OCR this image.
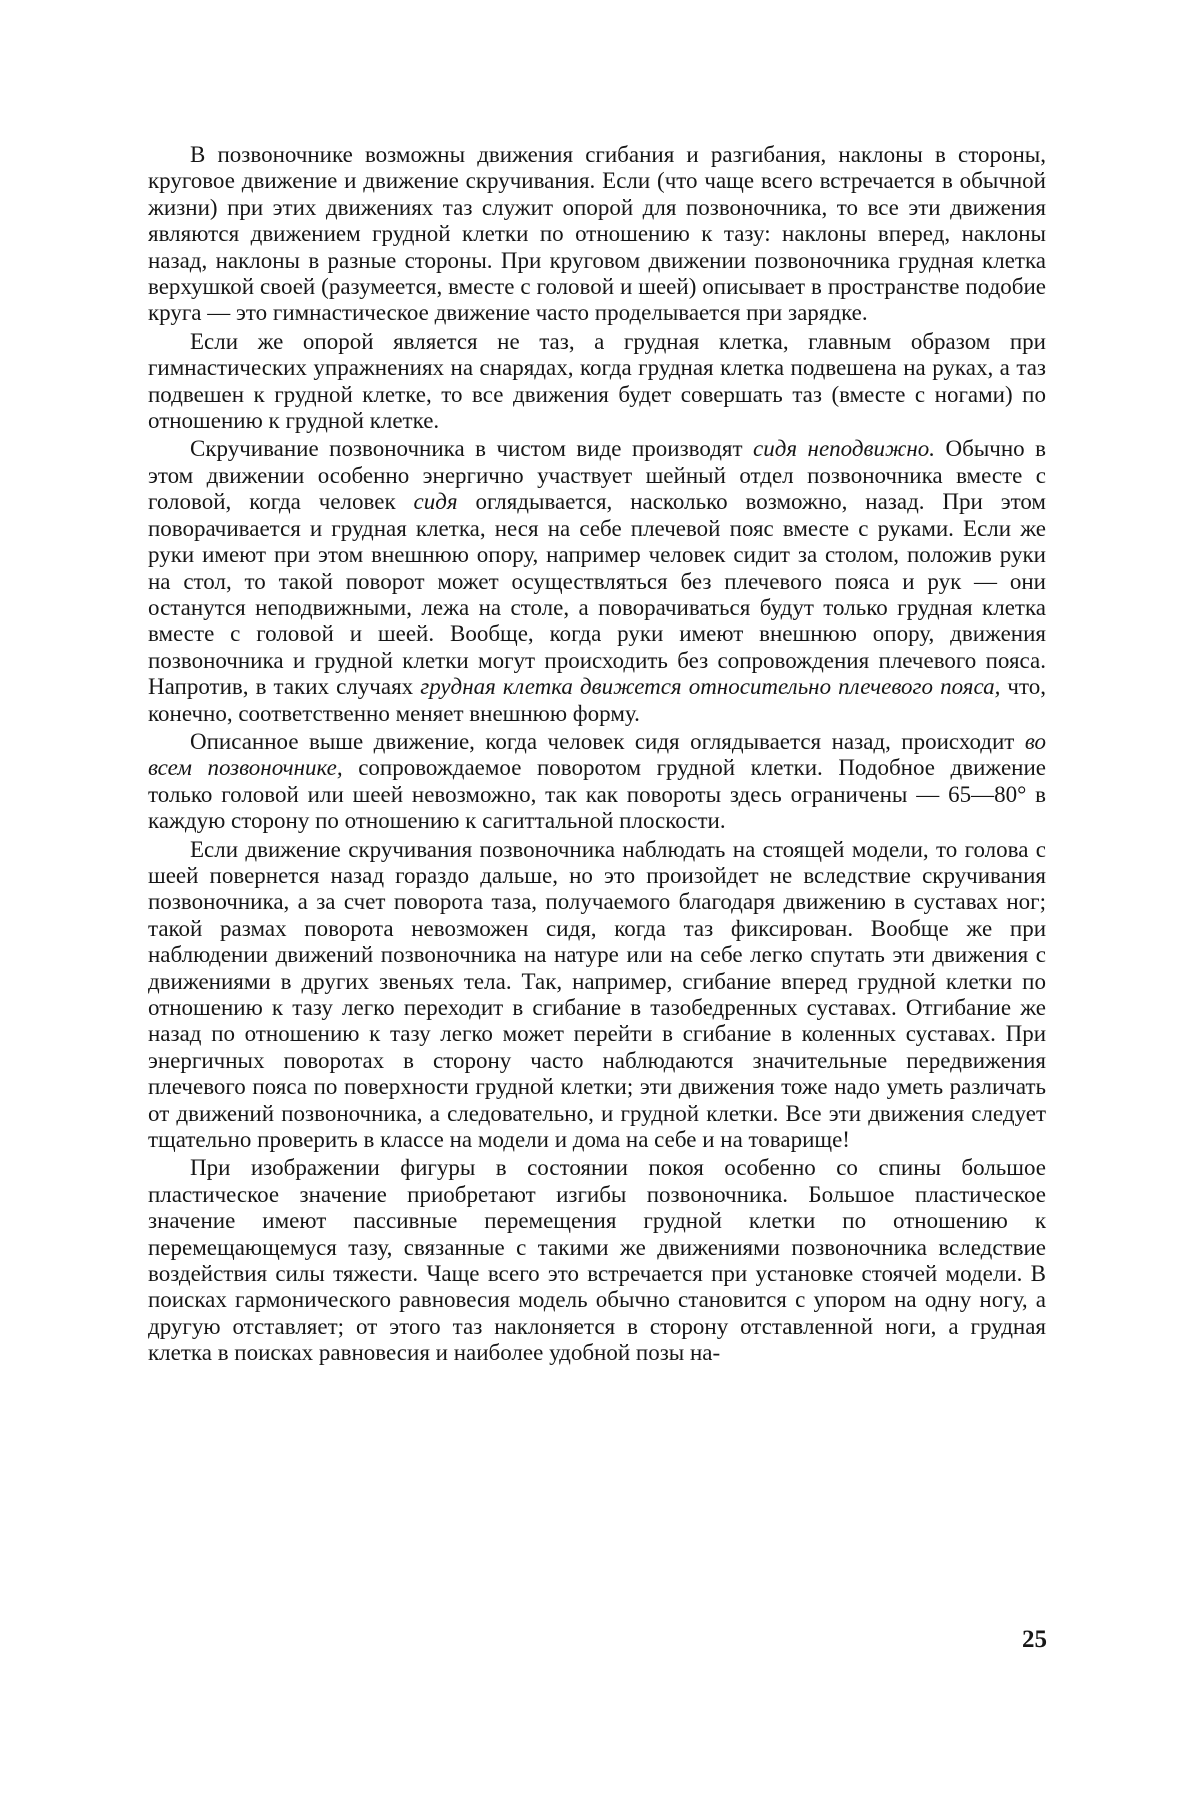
В позвоночнике возможны движения сгибания и разгибания, наклоны в стороны, круговое движение и движение скручивания. Если (что чаще всего встречается в обычной жизни) при этих движениях таз служит опорой для позвоночника, то все эти движения являются движением грудной клетки по отношению к тазу: наклоны вперед, наклоны назад, наклоны в разные стороны. При круговом движении позвоночника грудная клетка верхушкой своей (разумеется, вместе с головой и шеей) описывает в пространстве подобие круга — это гимнастическое движение часто проделывается при зарядке.

Если же опорой является не таз, а грудная клетка, главным образом при гимнастических упражнениях на снарядах, когда грудная клетка подвешена на руках, а таз подвешен к грудной клетке, то все движения будет совершать таз (вместе с ногами) по отношению к грудной клетке.

Скручивание позвоночника в чистом виде производят сидя неподвижно. Обычно в этом движении особенно энергично участвует шейный отдел позвоночника вместе с головой, когда человек сидя оглядывается, насколько возможно, назад. При этом поворачивается и грудная клетка, неся на себе плечевой пояс вместе с руками. Если же руки имеют при этом внешнюю опору, например человек сидит за столом, положив руки на стол, то такой поворот может осуществляться без плечевого пояса и рук — они останутся неподвижными, лежа на столе, а поворачиваться будут только грудная клетка вместе с головой и шеей. Вообще, когда руки имеют внешнюю опору, движения позвоночника и грудной клетки могут происходить без сопровождения плечевого пояса. Напротив, в таких случаях грудная клетка движется относительно плечевого пояса, что, конечно, соответственно меняет внешнюю форму.

Описанное выше движение, когда человек сидя оглядывается назад, происходит во всем позвоночнике, сопровождаемое поворотом грудной клетки. Подобное движение только головой или шеей невозможно, так как повороты здесь ограничены — 65—80° в каждую сторону по отношению к сагиттальной плоскости.

Если движение скручивания позвоночника наблюдать на стоящей модели, то голова с шеей повернется назад гораздо дальше, но это произойдет не вследствие скручивания позвоночника, а за счет поворота таза, получаемого благодаря движению в суставах ног; такой размах поворота невозможен сидя, когда таз фиксирован. Вообще же при наблюдении движений позвоночника на натуре или на себе легко спутать эти движения с движениями в других звеньях тела. Так, например, сгибание вперед грудной клетки по отношению к тазу легко переходит в сгибание в тазобедренных суставах. Отгибание же назад по отношению к тазу легко может перейти в сгибание в коленных суставах. При энергичных поворотах в сторону часто наблюдаются значительные передвижения плечевого пояса по поверхности грудной клетки; эти движения тоже надо уметь различать от движений позвоночника, а следовательно, и грудной клетки. Все эти движения следует тщательно проверить в классе на модели и дома на себе и на товарище!

При изображении фигуры в состоянии покоя особенно со спины большое пластическое значение приобретают изгибы позвоночника. Большое пластическое значение имеют пассивные перемещения грудной клетки по отношению к перемещающемуся тазу, связанные с такими же движениями позвоночника вследствие воздействия силы тяжести. Чаще всего это встречается при установке стоячей модели. В поисках гармонического равновесия модель обычно становится с упором на одну ногу, а другую отставляет; от этого таз наклоняется в сторону отставленной ноги, а грудная клетка в поисках равновесия и наиболее удобной позы на-

25
